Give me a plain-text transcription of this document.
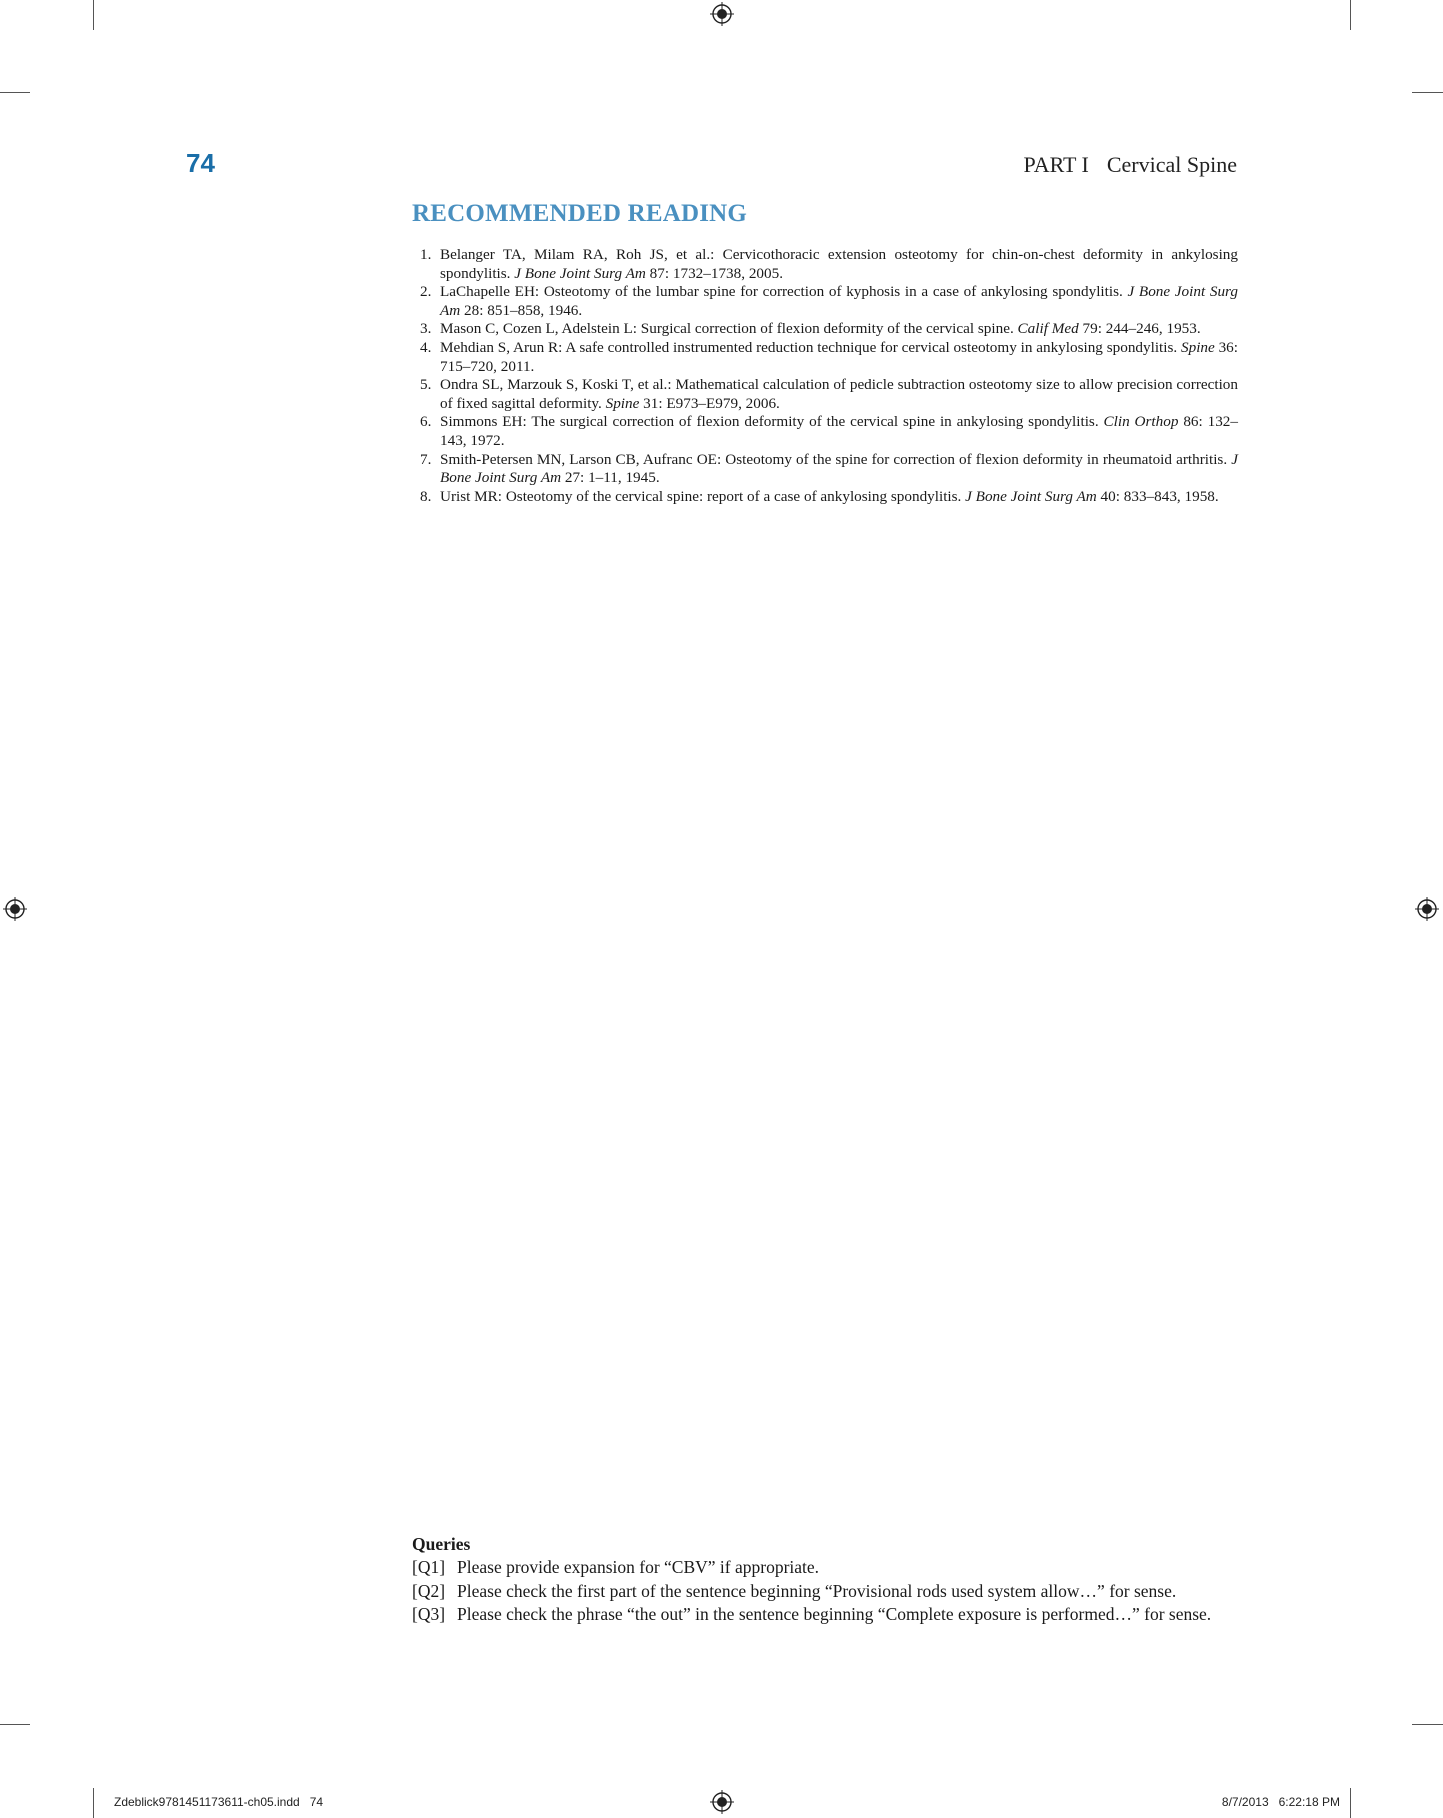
74	PART I Cervical Spine
RECOMMENDED READING
1. Belanger TA, Milam RA, Roh JS, et al.: Cervicothoracic extension osteotomy for chin-on-chest deformity in ankylosing spondylitis. J Bone Joint Surg Am 87: 1732–1738, 2005.
2. LaChapelle EH: Osteotomy of the lumbar spine for correction of kyphosis in a case of ankylosing spondylitis. J Bone Joint Surg Am 28: 851–858, 1946.
3. Mason C, Cozen L, Adelstein L: Surgical correction of flexion deformity of the cervical spine. Calif Med 79: 244–246, 1953.
4. Mehdian S, Arun R: A safe controlled instrumented reduction technique for cervical osteotomy in ankylosing spondylitis. Spine 36: 715–720, 2011.
5. Ondra SL, Marzouk S, Koski T, et al.: Mathematical calculation of pedicle subtraction osteotomy size to allow precision correction of fixed sagittal deformity. Spine 31: E973–E979, 2006.
6. Simmons EH: The surgical correction of flexion deformity of the cervical spine in ankylosing spondylitis. Clin Orthop 86: 132–143, 1972.
7. Smith-Petersen MN, Larson CB, Aufranc OE: Osteotomy of the spine for correction of flexion deformity in rheumatoid arthritis. J Bone Joint Surg Am 27: 1–11, 1945.
8. Urist MR: Osteotomy of the cervical spine: report of a case of ankylosing spondylitis. J Bone Joint Surg Am 40: 833–843, 1958.
Queries
[Q1] Please provide expansion for “CBV” if appropriate.
[Q2] Please check the first part of the sentence beginning “Provisional rods used system allow…” for sense.
[Q3] Please check the phrase “the out” in the sentence beginning “Complete exposure is performed…” for sense.
Zdeblick9781451173611-ch05.indd   74	8/7/2013   6:22:18 PM
